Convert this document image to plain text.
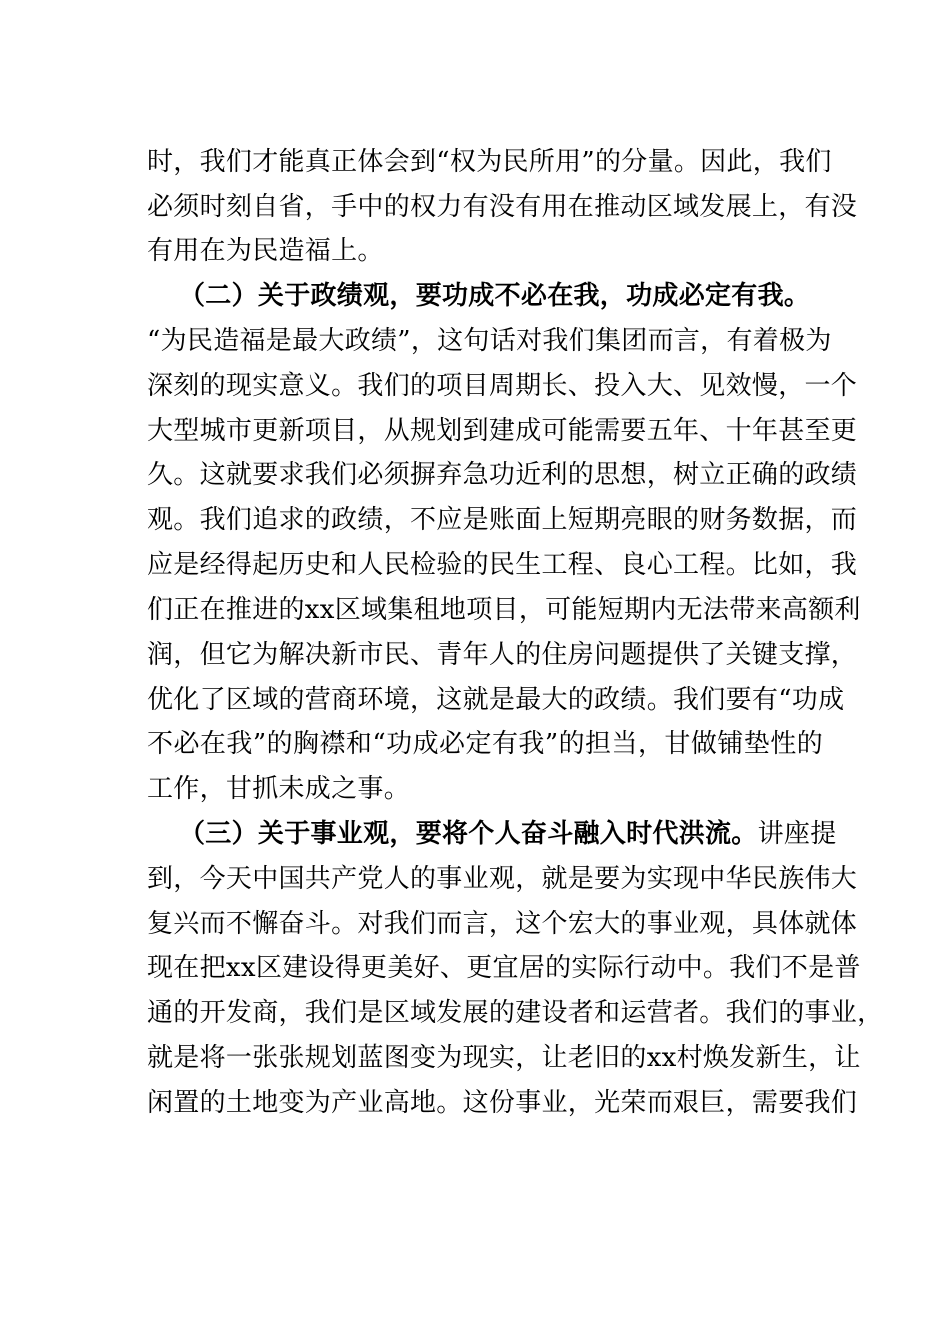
时，我们才能真正体会到“权为民所用”的分量。因此，我们
必须时刻自省，手中的权力有没有用在推动区域发展上，有没
有用在为民造福上。
（二）关于政绩观，要功成不必在我，功成必定有我。
“为民造福是最大政绩”，这句话对我们集团而言，有着极为
深刻的现实意义。我们的项目周期长、投入大、见效慢，一个
大型城市更新项目，从规划到建成可能需要五年、十年甚至更
久。这就要求我们必须摒弃急功近利的思想，树立正确的政绩
观。我们追求的政绩，不应是账面上短期亮眼的财务数据，而
应是经得起历史和人民检验的民生工程、良心工程。比如，我
们正在推进的xx区域集租地项目，可能短期内无法带来高额利
润，但它为解决新市民、青年人的住房问题提供了关键支撑，
优化了区域的营商环境，这就是最大的政绩。我们要有“功成
不必在我”的胸襟和“功成必定有我”的担当，甘做铺垫性的
工作，甘抓未成之事。
（三）关于事业观，要将个人奋斗融入时代洪流。讲座提
到，今天中国共产党人的事业观，就是要为实现中华民族伟大
复兴而不懈奋斗。对我们而言，这个宏大的事业观，具体就体
现在把xx区建设得更美好、更宜居的实际行动中。我们不是普
通的开发商，我们是区域发展的建设者和运营者。我们的事业，
就是将一张张规划蓝图变为现实，让老旧的xx村焕发新生，让
闲置的土地变为产业高地。这份事业，光荣而艰巨，需要我们
